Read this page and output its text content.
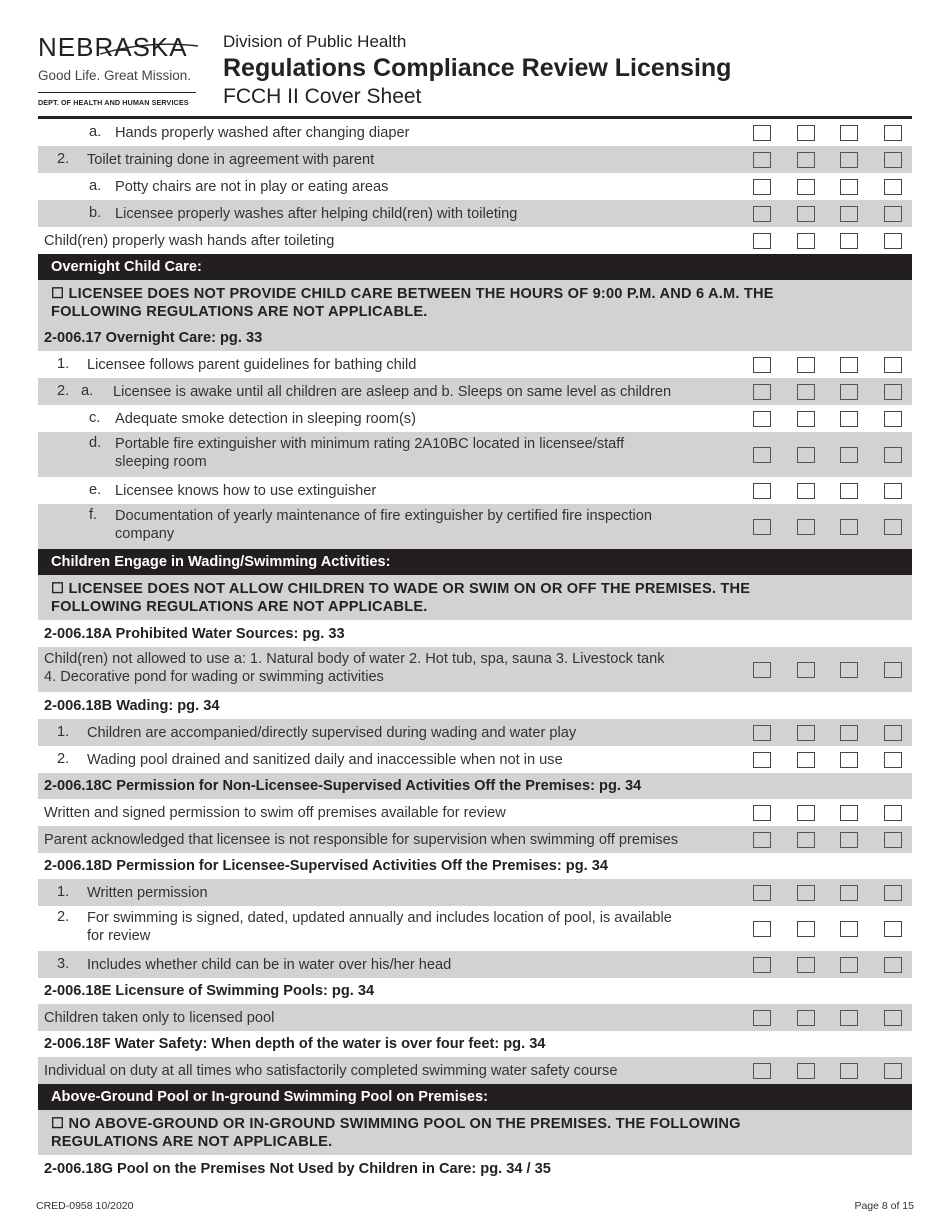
NEBRASKA
Good Life. Great Mission.
DEPT. OF HEALTH AND HUMAN SERVICES
Division of Public Health
Regulations Compliance Review Licensing
FCCH II Cover Sheet
a. Hands properly washed after changing diaper
2. Toilet training done in agreement with parent
a. Potty chairs are not in play or eating areas
b. Licensee properly washes after helping child(ren) with toileting
Child(ren) properly wash hands after toileting
Overnight Child Care:
☐ LICENSEE DOES NOT PROVIDE CHILD CARE BETWEEN THE HOURS OF 9:00 P.M. AND 6 A.M. THE
FOLLOWING REGULATIONS ARE NOT APPLICABLE.
2-006.17 Overnight Care: pg. 33
1. Licensee follows parent guidelines for bathing child
2. a. Licensee is awake until all children are asleep and b. Sleeps on same level as children
c. Adequate smoke detection in sleeping room(s)
d. Portable fire extinguisher with minimum rating 2A10BC located in licensee/staff
sleeping room
e. Licensee knows how to use extinguisher
f. Documentation of yearly maintenance of fire extinguisher by certified fire inspection
company
Children Engage in Wading/Swimming Activities:
☐ LICENSEE DOES NOT ALLOW CHILDREN TO WADE OR SWIM ON OR OFF THE PREMISES. THE
FOLLOWING REGULATIONS ARE NOT APPLICABLE.
2-006.18A Prohibited Water Sources: pg. 33
Child(ren) not allowed to use a: 1. Natural body of water 2. Hot tub, spa, sauna 3. Livestock tank
4. Decorative pond for wading or swimming activities
2-006.18B Wading: pg. 34
1. Children are accompanied/directly supervised during wading and water play
2. Wading pool drained and sanitized daily and inaccessible when not in use
2-006.18C Permission for Non-Licensee-Supervised Activities Off the Premises: pg. 34
Written and signed permission to swim off premises available for review
Parent acknowledged that licensee is not responsible for supervision when swimming off premises
2-006.18D Permission for Licensee-Supervised Activities Off the Premises: pg. 34
1. Written permission
2. For swimming is signed, dated, updated annually and includes location of pool, is available
for review
3. Includes whether child can be in water over his/her head
2-006.18E Licensure of Swimming Pools: pg. 34
Children taken only to licensed pool
2-006.18F Water Safety: When depth of the water is over four feet: pg. 34
Individual on duty at all times who satisfactorily completed swimming water safety course
Above-Ground Pool or In-ground Swimming Pool on Premises:
☐ NO ABOVE-GROUND OR IN-GROUND SWIMMING POOL ON THE PREMISES. THE FOLLOWING
REGULATIONS ARE NOT APPLICABLE.
2-006.18G Pool on the Premises Not Used by Children in Care: pg. 34 / 35
CRED-0958 10/2020	Page 8 of 15
